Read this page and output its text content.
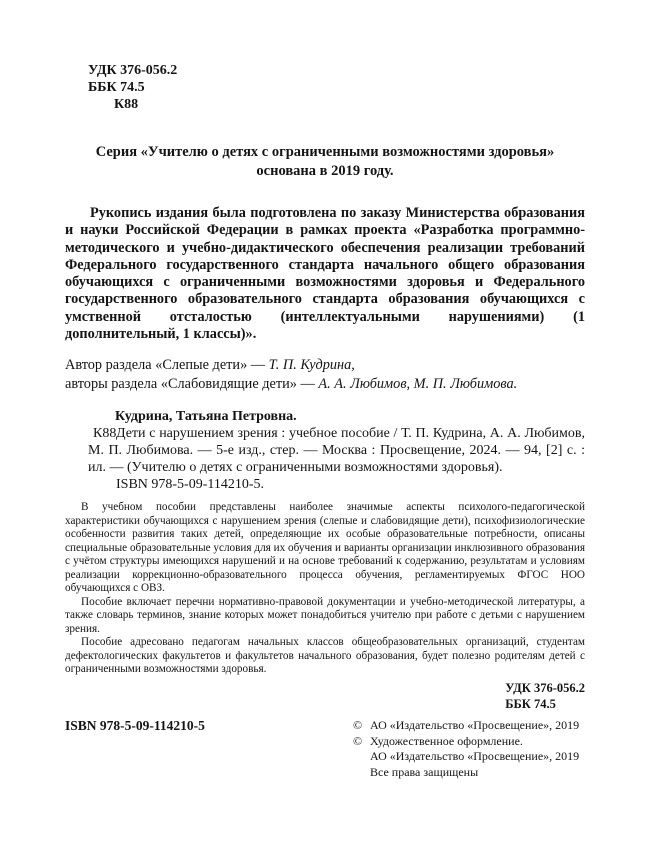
УДК 376-056.2
ББК 74.5
К88
Серия «Учителю о детях с ограниченными возможностями здоровья»
основана в 2019 году.

Рукопись издания была подготовлена по заказу Министерства образования и науки Российской Федерации в рамках проекта «Разработка программно-методического и учебно-дидактического обеспечения реализации требований Федерального государственного стандарта начального общего образования обучающихся с ограниченными возможностями здоровья и Федерального государственного образовательного стандарта образования обучающихся с умственной отсталостью (интеллектуальными нарушениями) (1 дополнительный, 1 классы)».

Автор раздела «Слепые дети» — Т. П. Кудрина,
авторы раздела «Слабовидящие дети» — А. А. Любимов, М. П. Любимова.
Кудрина, Татьяна Петровна.

К88 Дети с нарушением зрения : учебное пособие / Т. П. Кудрина, А. А. Любимов, М. П. Любимова. — 5-е изд., стер. — Москва : Просвещение, 2024. — 94, [2] с. : ил. — (Учителю о детях с ограниченными возможностями здоровья).

ISBN 978-5-09-114210-5.

В учебном пособии представлены наиболее значимые аспекты психолого-педагогической характеристики обучающихся с нарушением зрения (слепые и слабовидящие дети), психофизиологические особенности развития таких детей, определяющие их особые образовательные потребности, описаны специальные образовательные условия для их обучения и варианты организации инклюзивного образования с учётом структуры имеющихся нарушений и на основе требований к содержанию, результатам и условиям реализации коррекционно-образовательного процесса обучения, регламентируемых ФГОС НОО обучающихся с ОВЗ.

Пособие включает перечни нормативно-правовой документации и учебно-методической литературы, а также словарь терминов, знание которых может понадобиться учителю при работе с детьми с нарушением зрения.

Пособие адресовано педагогам начальных классов общеобразовательных организаций, студентам дефектологических факультетов и факультетов начального образования, будет полезно родителям детей с ограниченными возможностями здоровья.

УДК 376-056.2
ББК 74.5
ISBN 978-5-09-114210-5	© АО «Издательство «Просвещение», 2019
© Художественное оформление.
АО «Издательство «Просвещение», 2019
Все права защищены
